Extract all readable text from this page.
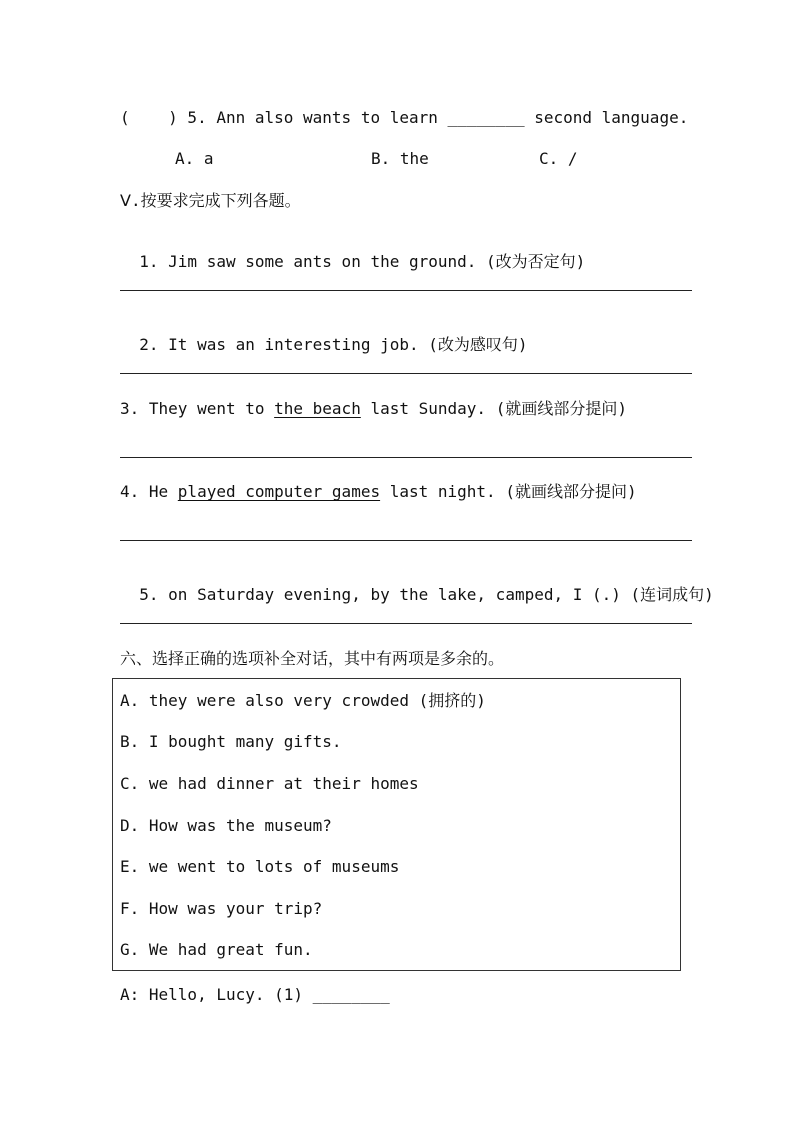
(    ) 5. Ann also wants to learn ________ second language.
A. a	B. the	C. /
Ⅴ.按要求完成下列各题。

1. Jim saw some ants on the ground. (改为否定句)

2. It was an interesting job. (改为感叹句)

3. They went to the beach last Sunday. (就画线部分提问)
4. He played computer games last night. (就画线部分提问)

5. on Saturday evening, by the lake, camped, I (.) (连词成句)

六、选择正确的选项补全对话，其中有两项是多余的。
A. they were also very crowded (拥挤的)
B. I bought many gifts.
C. we had dinner at their homes
D. How was the museum?
E. we went to lots of museums
F. How was your trip?
G. We had great fun.
A: Hello, Lucy. (1) ________
